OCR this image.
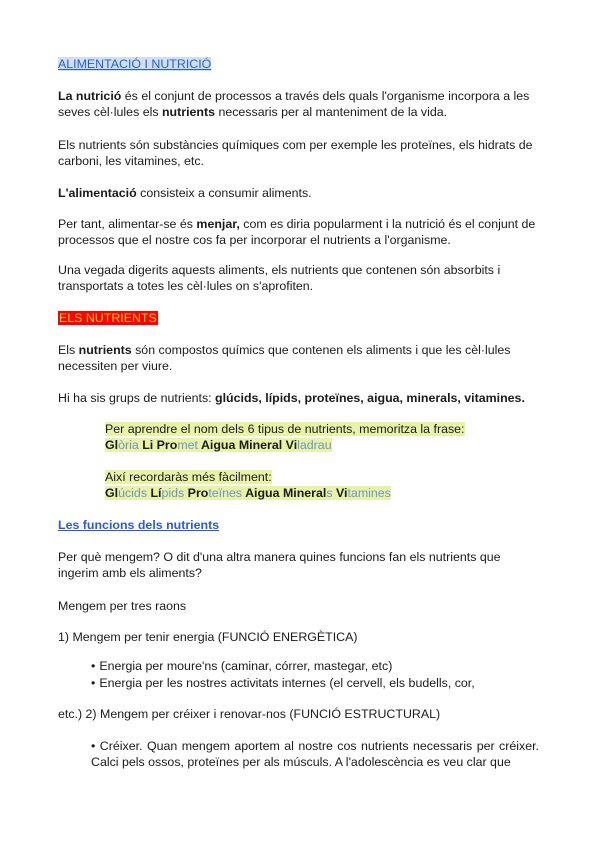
ALIMENTACIÓ I NUTRICIÓ

La nutrició és el conjunt de processos a través dels quals l'organisme incorpora a les seves cèl·lules els nutrients necessaris per al manteniment de la vida.

Els nutrients són substàncies químiques com per exemple les proteïnes, els hidrats de carboni, les vitamines, etc.

L'alimentació consisteix a consumir aliments.

Per tant, alimentar-se és menjar, com es diria popularment i la nutrició és el conjunt de processos que el nostre cos fa per incorporar el nutrients a l'organisme.

Una vegada digerits aquests aliments, els nutrients que contenen són absorbits i transportats a totes les cèl·lules on s'aprofiten.

ELS NUTRIENTS

Els nutrients són compostos químics que contenen els aliments i que les cèl·lules necessiten per viure.

Hi ha sis grups de nutrients: glúcids, lípids, proteïnes, aigua, minerals, vitamines.

Per aprendre el nom dels 6 tipus de nutrients, memoritza la frase:

Glòria Li Promet Aigua Mineral Viladrau

Així recordaràs més fàcilment:

Glúcids Lípids Proteïnes Aigua Minerals Vitamines

Les funcions dels nutrients

Per què mengem? O dit d'una altra manera quines funcions fan els nutrients que ingerim amb els aliments?

Mengem per tres raons

1) Mengem per tenir energia (FUNCIÓ ENERGÈTICA)

• Energia per moure'ns (caminar, córrer, mastegar, etc)

• Energia per les nostres activitats internes (el cervell, els budells, cor,

etc.) 2) Mengem per créixer i renovar-nos (FUNCIÓ ESTRUCTURAL)

• Créixer. Quan mengem aportem al nostre cos nutrients necessaris per créixer. Calci pels ossos, proteïnes per als músculs. A l'adolescència es veu clar que
